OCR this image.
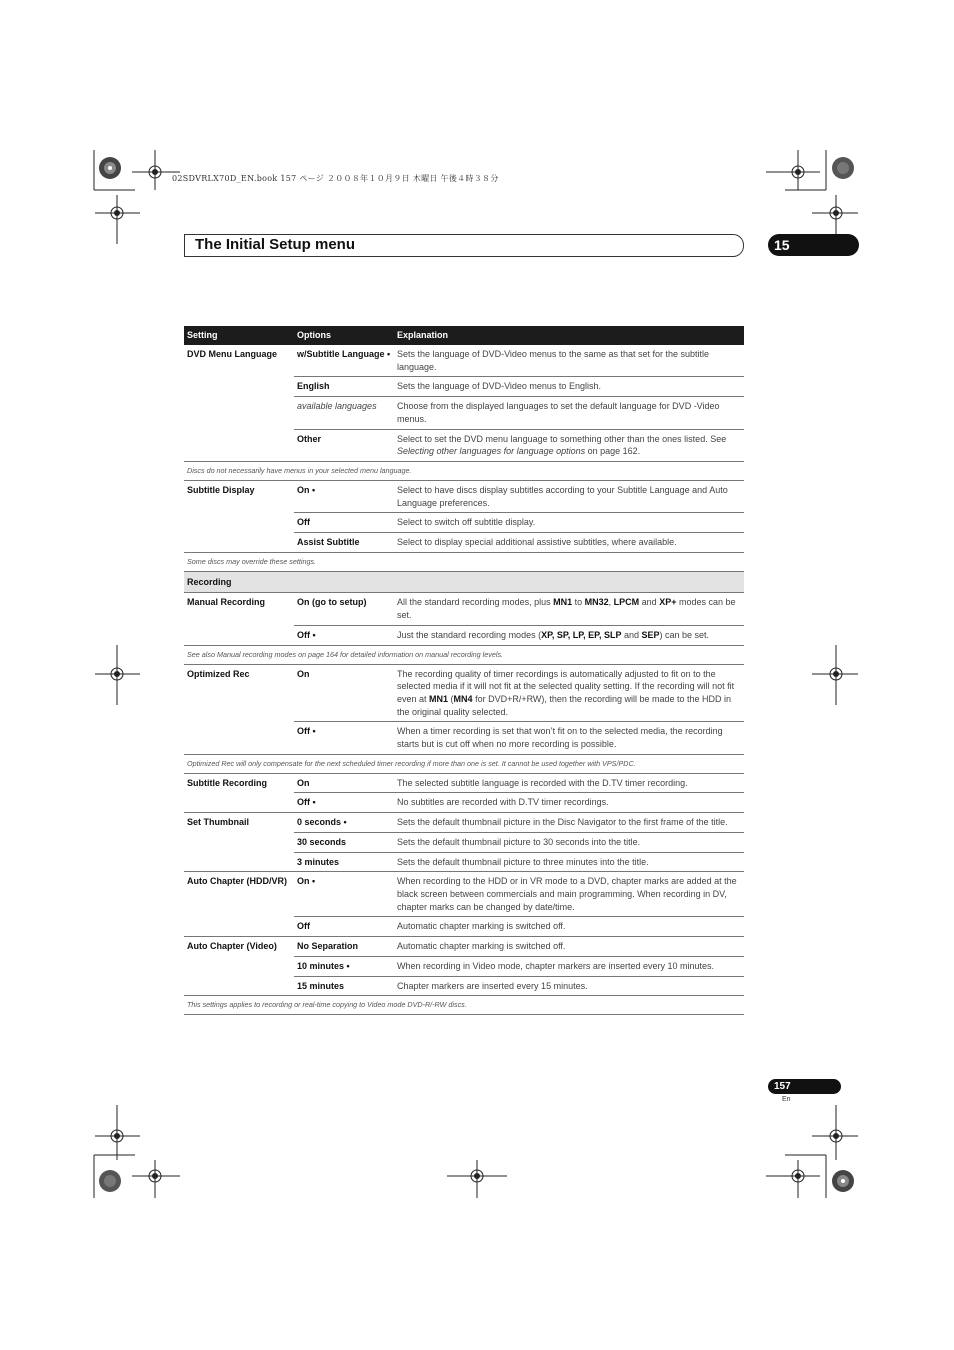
02SDVRLX70D_EN.book 157 ページ ２００８年１０月９日 木曜日 午後４時３８分
The Initial Setup menu	15
Setting	Options	Explanation
DVD Menu Language	w/Subtitle Language •	Sets the language of DVD-Video menus to the same as that set for the subtitle language.
	English	Sets the language of DVD-Video menus to English.
	available languages	Choose from the displayed languages to set the default language for DVD -Video menus.
	Other	Select to set the DVD menu language to something other than the ones listed. See Selecting other languages for language options on page 162.
Discs do not necessarily have menus in your selected menu language.		
Subtitle Display	On •	Select to have discs display subtitles according to your Subtitle Language and Auto Language preferences.
	Off	Select to switch off subtitle display.
	Assist Subtitle	Select to display special additional assistive subtitles, where available.
Some discs may override these settings.		
Recording		
Manual Recording	On (go to setup)	All the standard recording modes, plus MN1 to MN32, LPCM and XP+ modes can be set.
	Off •	Just the standard recording modes (XP, SP, LP, EP, SLP and SEP) can be set.
See also Manual recording modes on page 164 for detailed information on manual recording levels.		
Optimized Rec	On	The recording quality of timer recordings is automatically adjusted to fit on to the selected media if it will not fit at the selected quality setting. If the recording will not fit even at MN1 (MN4 for DVD+R/+RW), then the recording will be made to the HDD in the original quality selected.
	Off •	When a timer recording is set that won’t fit on to the selected media, the recording starts but is cut off when no more recording is possible.
Optimized Rec will only compensate for the next scheduled timer recording if more than one is set. It cannot be used together with VPS/PDC.		
Subtitle Recording	On	The selected subtitle language is recorded with the D.TV timer recording.
	Off •	No subtitles are recorded with D.TV timer recordings.
Set Thumbnail	0 seconds •	Sets the default thumbnail picture in the Disc Navigator to the first frame of the title.
	30 seconds	Sets the default thumbnail picture to 30 seconds into the title.
	3 minutes	Sets the default thumbnail picture to three minutes into the title.
Auto Chapter (HDD/VR)	On •	When recording to the HDD or in VR mode to a DVD, chapter marks are added at the black screen between commercials and main programming. When recording in DV, chapter marks can be changed by date/time.
	Off	Automatic chapter marking is switched off.
Auto Chapter (Video)	No Separation	Automatic chapter marking is switched off.
	10 minutes •	When recording in Video mode, chapter markers are inserted every 10 minutes.
	15 minutes	Chapter markers are inserted every 15 minutes.
This settings applies to recording or real-time copying to Video mode DVD-R/-RW discs.		
157
En
